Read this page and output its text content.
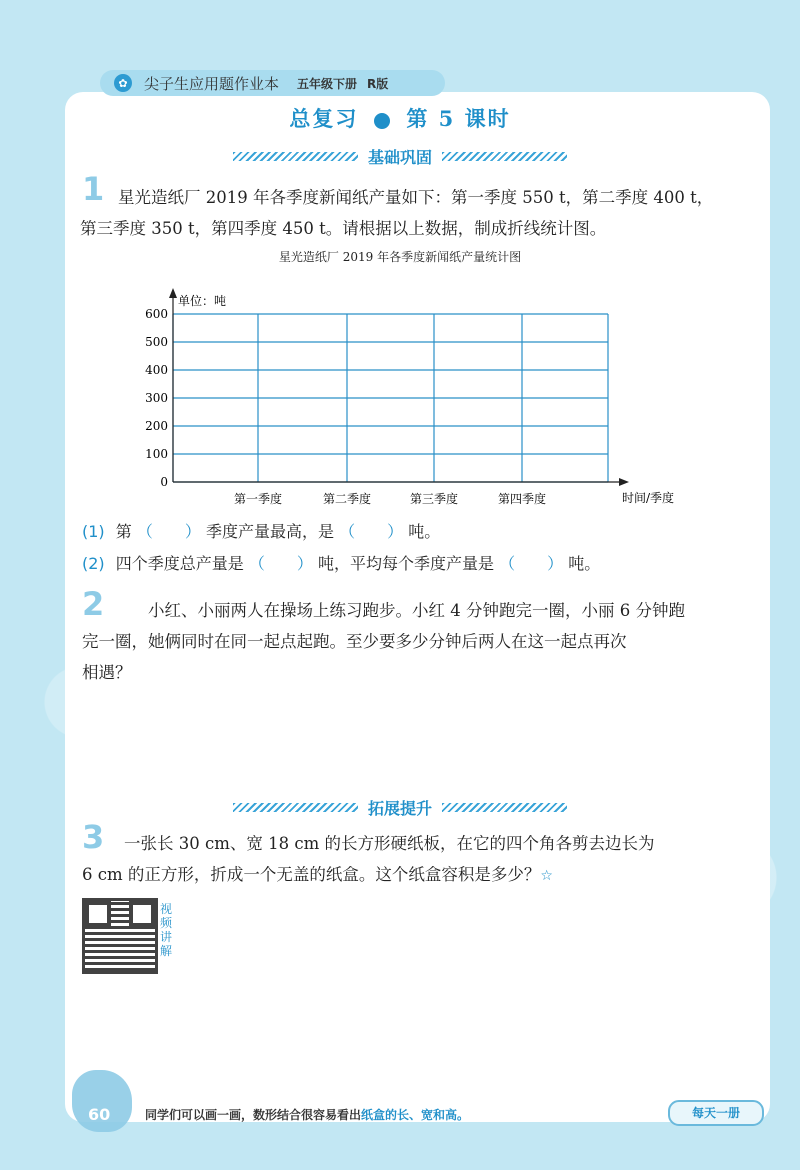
✿ 尖子生应用题作业本 五年级下册 R版
总复习 第 5 课时
基础巩固
1 星光造纸厂 2019 年各季度新闻纸产量如下：第一季度 550 t，第二季度 400 t，
第三季度 350 t，第四季度 450 t。请根据以上数据，制成折线统计图。
星光造纸厂 2019 年各季度新闻纸产量统计图
单位：吨
时间/季度
0
100
200
300
400
500
600
第一季度	第二季度	第三季度	第四季度
(1) 第 （　　） 季度产量最高，是 （　　） 吨。
(2) 四个季度总产量是 （　　） 吨，平均每个季度产量是 （　　） 吨。
2	小红、小丽两人在操场上练习跑步。小红 4 分钟跑完一圈，小丽 6 分钟跑
完一圈，她俩同时在同一起点起跑。至少要多少分钟后两人在这一起点再次
相遇？
拓展提升
3 一张长 30 cm、宽 18 cm 的长方形硬纸板，在它的四个角各剪去边长为
6 cm 的正方形，折成一个无盖的纸盒。这个纸盒容积是多少？☆
视频讲解
60	同学们可以画一画，数形结合很容易看出纸盒的长、宽和高。	每天一册
